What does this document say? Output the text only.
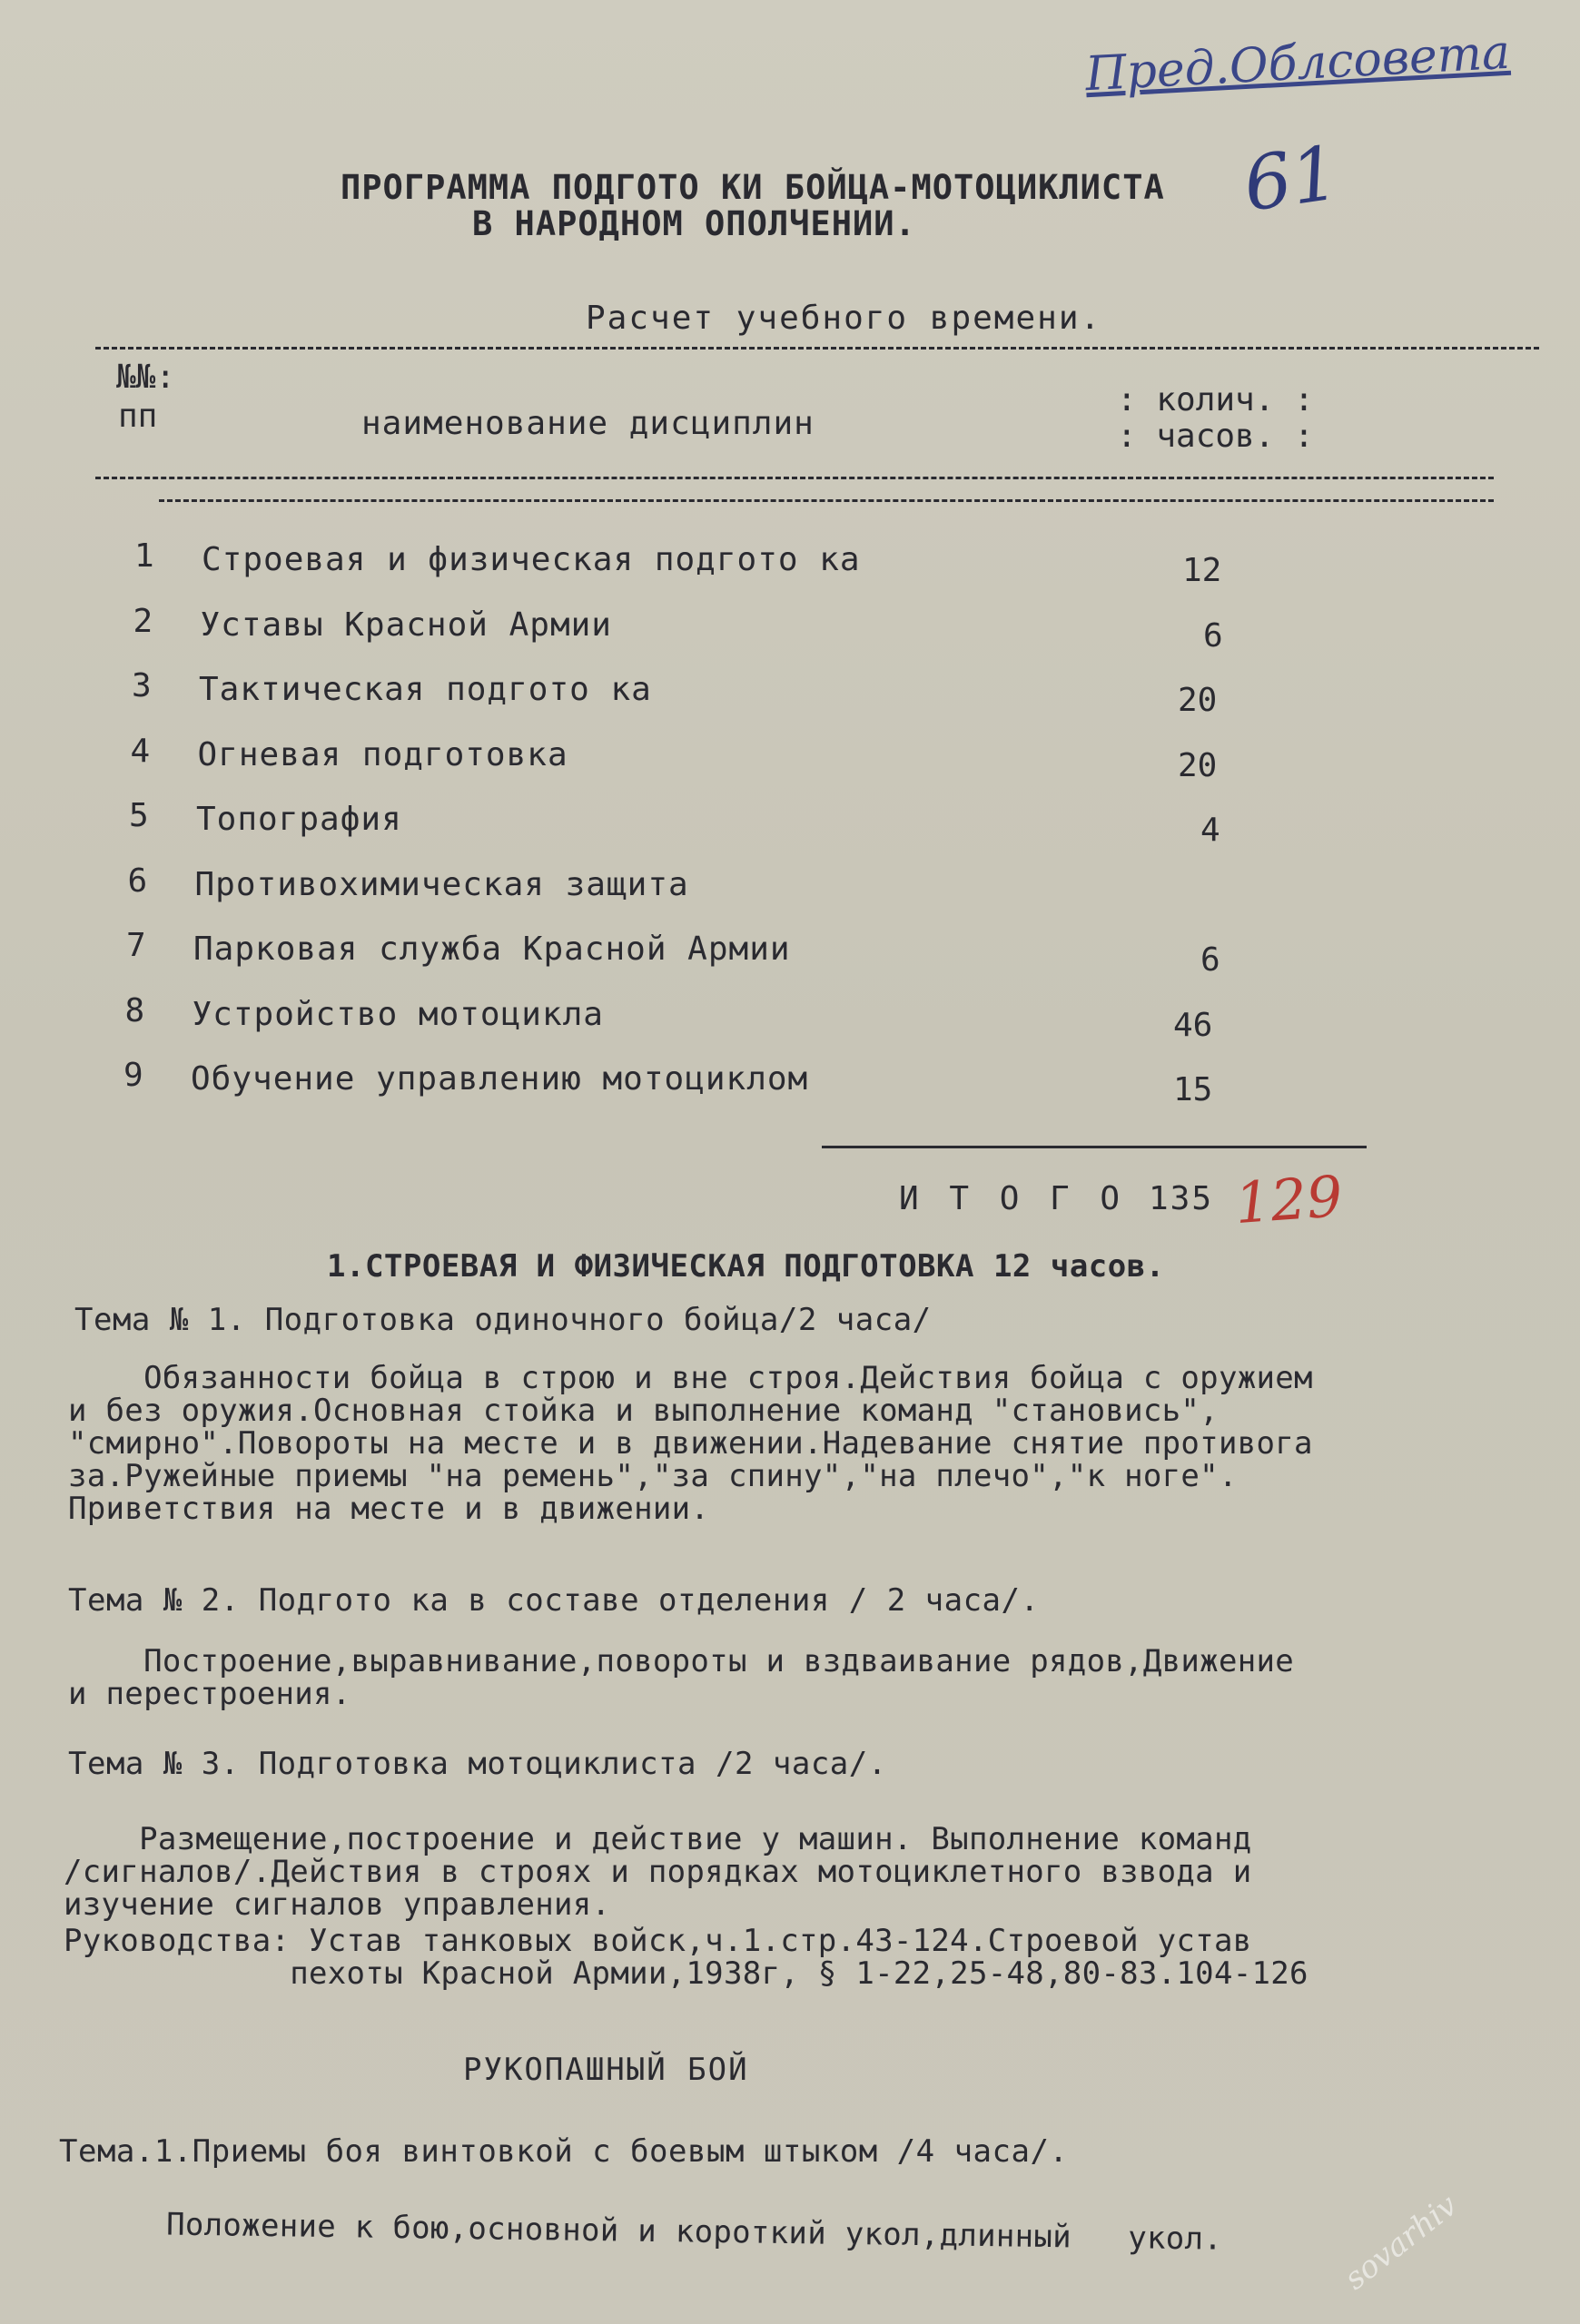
Пред.Облсовета
61
ПРОГРАММА ПОДГОТО КИ БОЙЦА-МОТОЦИКЛИСТА
В НАРОДНОМ ОПОЛЧЕНИИ.
Расчет учебного времени.
№№:
пп	наименование дисциплин
: колич. :
: часов. :
1 Строевая и физическая подгото ка	12
2 Уставы Красной Армии	6
3 Тактическая подгото ка	20
4 Огневая подготовка	20
5 Топография	4
6 Противохимическая защита
7 Парковая служба Красной Армии	6
8 Устройство мотоцикла	46
9 Обучение управлению мотоциклом	15
И Т О Г О 135 129
1.СТРОЕВАЯ И ФИЗИЧЕСКАЯ ПОДГОТОВКА 12 часов.
Тема № 1. Подготовка одиночного бойца/2 часа/
Обязанности бойца в строю и вне строя.Действия бойца с оружием
и без оружия.Основная стойка и выполнение команд "становись",
"смирно".Повороты на месте и в движении.Надевание снятие противога
за.Ружейные приемы "на ремень","за спину","на плечо","к ноге".
Приветствия на месте и в движении.
Тема № 2. Подгото ка в составе отделения / 2 часа/.
Построение,выравнивание,повороты и вздваивание рядов,Движение
и перестроения.
Тема № 3. Подготовка мотоциклиста /2 часа/.
Размещение,построение и действие у машин. Выполнение команд
/сигналов/.Действия в строях и порядках мотоциклетного взвода и
изучение сигналов управления.
Руководства: Устав танковых войск,ч.1.стр.43-124.Строевой устав
пехоты Красной Армии,1938г, § 1-22,25-48,80-83.104-126
РУКОПАШНЫЙ БОЙ
Тема.1.Приемы боя винтовкой с боевым штыком /4 часа/.
Положение к бою,основной и короткий укол,длинный   укол.	sovarhiv
